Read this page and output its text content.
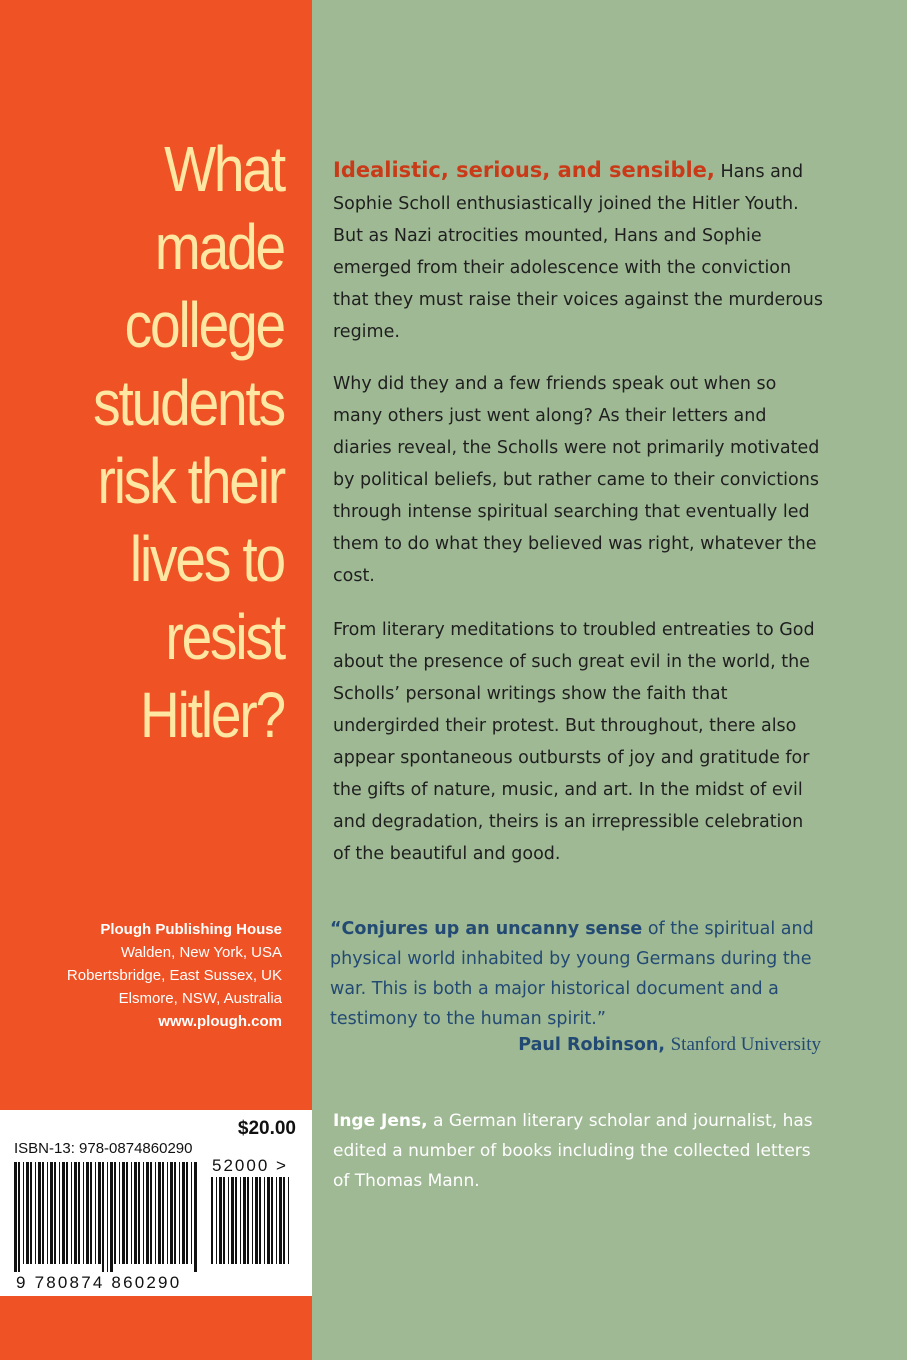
What
made
college
students
risk their
lives to
resist
Hitler?
Plough Publishing House
Walden, New York, USA
Robertsbridge, East Sussex, UK
Elsmore, NSW, Australia
www.plough.com
$20.00
ISBN-13: 978-0874860290
52000 >
9 780874 860290
Idealistic, serious, and sensible, Hans and Sophie Scholl enthusiastically joined the Hitler Youth. But as Nazi atrocities mounted, Hans and Sophie emerged from their adolescence with the conviction that they must raise their voices against the murderous regime.
Why did they and a few friends speak out when so many others just went along? As their letters and diaries reveal, the Scholls were not primarily motivated by political beliefs, but rather came to their convictions through intense spiritual searching that eventually led them to do what they believed was right, whatever the cost.
From literary meditations to troubled entreaties to God about the presence of such great evil in the world, the Scholls’ personal writings show the faith that undergirded their protest. But throughout, there also appear spontaneous outbursts of joy and gratitude for the gifts of nature, music, and art. In the midst of evil and degradation, theirs is an irrepressible celebration of the beautiful and good.
“Conjures up an uncanny sense of the spiritual and physical world inhabited by young Germans during the war. This is both a major historical document and a testimony to the human spirit.”
Paul Robinson, Stanford University
Inge Jens, a German literary scholar and journalist, has edited a number of books including the collected letters of Thomas Mann.
